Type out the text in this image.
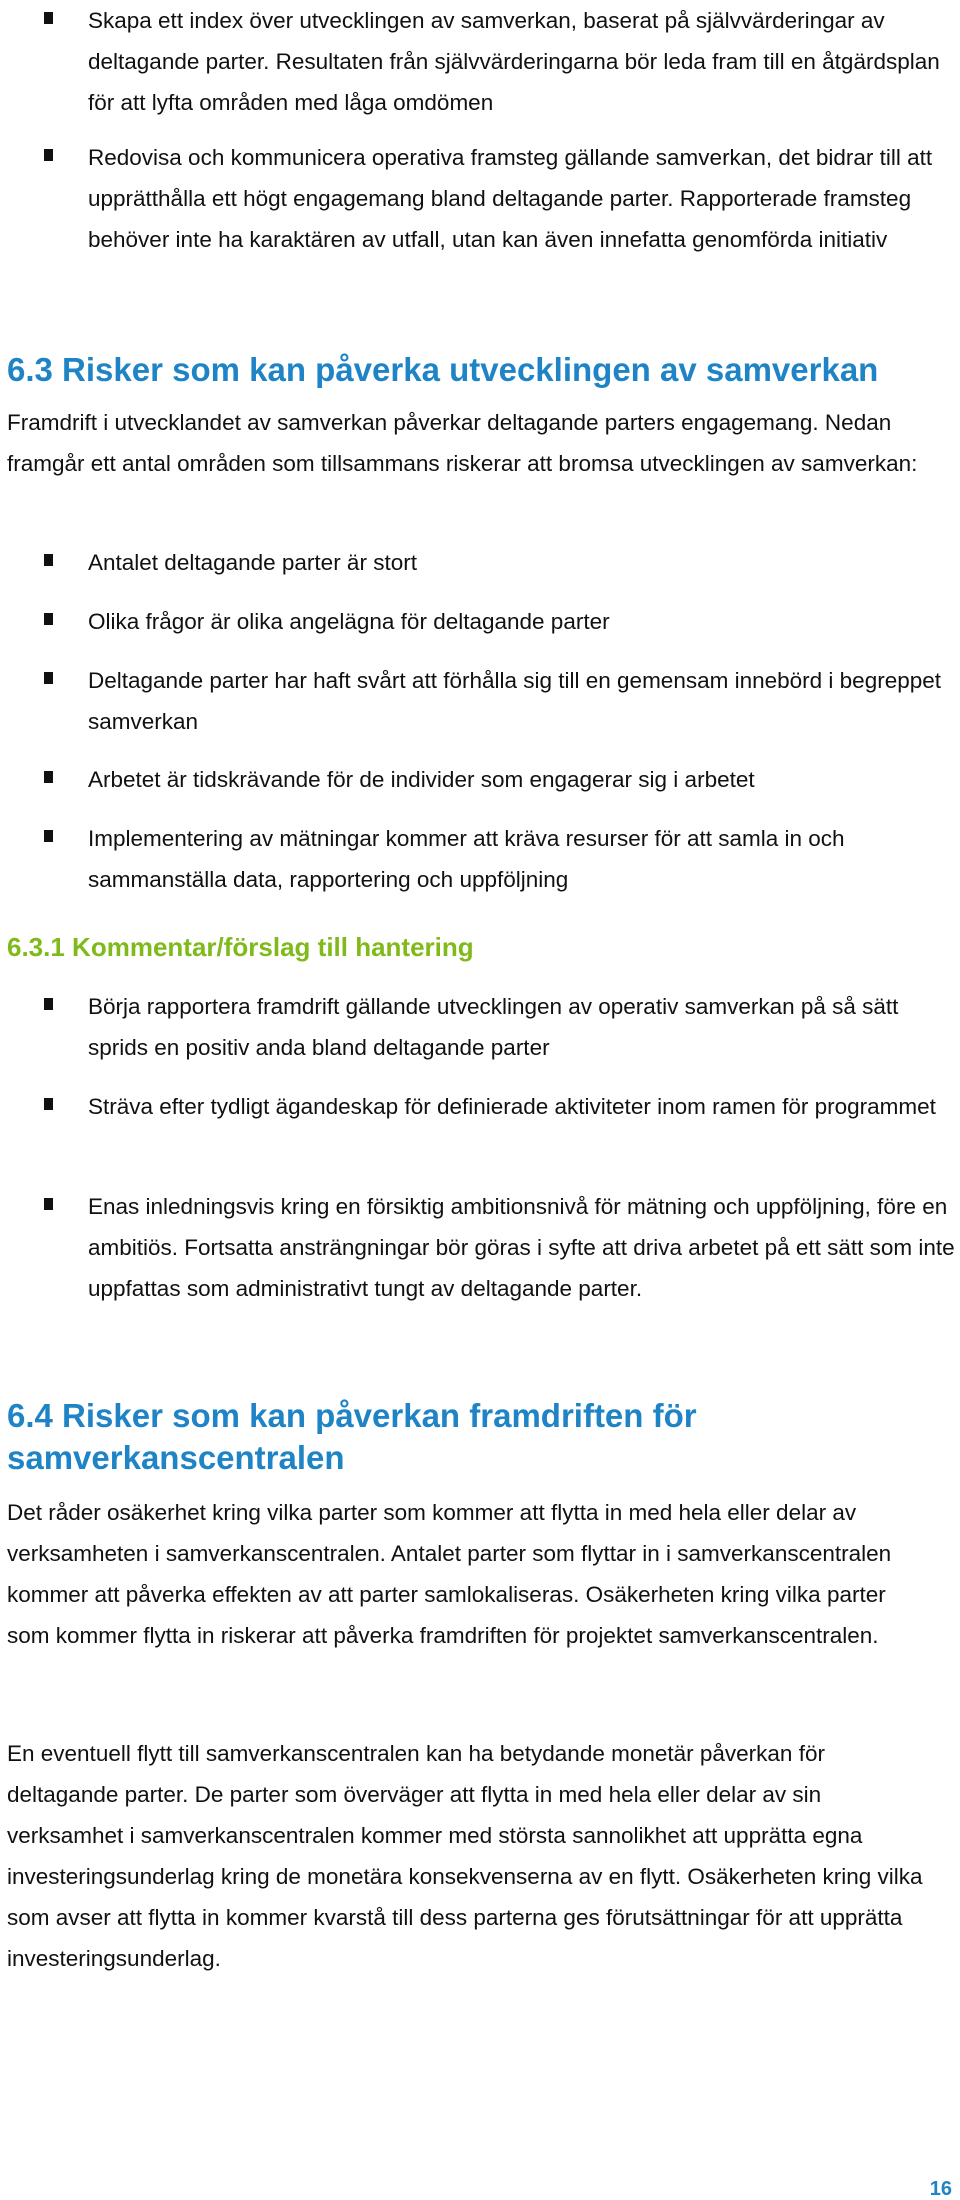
Skapa ett index över utvecklingen av samverkan, baserat på självvärderingar av deltagande parter. Resultaten från självvärderingarna bör leda fram till en åtgärdsplan för att lyfta områden med låga omdömen
Redovisa och kommunicera operativa framsteg gällande samverkan, det bidrar till att upprätthålla ett högt engagemang bland deltagande parter. Rapporterade framsteg behöver inte ha karaktären av utfall, utan kan även innefatta genomförda initiativ
6.3 Risker som kan påverka utvecklingen av samverkan

Framdrift i utvecklandet av samverkan påverkar deltagande parters engagemang. Nedan framgår ett antal områden som tillsammans riskerar att bromsa utvecklingen av samverkan:

Antalet deltagande parter är stort
Olika frågor är olika angelägna för deltagande parter
Deltagande parter har haft svårt att förhålla sig till en gemensam innebörd i begreppet samverkan
Arbetet är tidskrävande för de individer som engagerar sig i arbetet
Implementering av mätningar kommer att kräva resurser för att samla in och sammanställa data, rapportering och uppföljning
6.3.1 Kommentar/förslag till hantering
Börja rapportera framdrift gällande utvecklingen av operativ samverkan på så sätt sprids en positiv anda bland deltagande parter
Sträva efter tydligt ägandeskap för definierade aktiviteter inom ramen för programmet
Enas inledningsvis kring en försiktig ambitionsnivå för mätning och uppföljning, före en ambitiös. Fortsatta ansträngningar bör göras i syfte att driva arbetet på ett sätt som inte uppfattas som administrativt tungt av deltagande parter.
6.4 Risker som kan påverkan framdriften för samverkanscentralen

Det råder osäkerhet kring vilka parter som kommer att flytta in med hela eller delar av verksamheten i samverkanscentralen. Antalet parter som flyttar in i samverkanscentralen kommer att påverka effekten av att parter samlokaliseras. Osäkerheten kring vilka parter som kommer flytta in riskerar att påverka framdriften för projektet samverkanscentralen.

En eventuell flytt till samverkanscentralen kan ha betydande monetär påverkan för deltagande parter. De parter som överväger att flytta in med hela eller delar av sin verksamhet i samverkanscentralen kommer med största sannolikhet att upprätta egna investeringsunderlag kring de monetära konsekvenserna av en flytt. Osäkerheten kring vilka som avser att flytta in kommer kvarstå till dess parterna ges förutsättningar för att upprätta investeringsunderlag.

16
